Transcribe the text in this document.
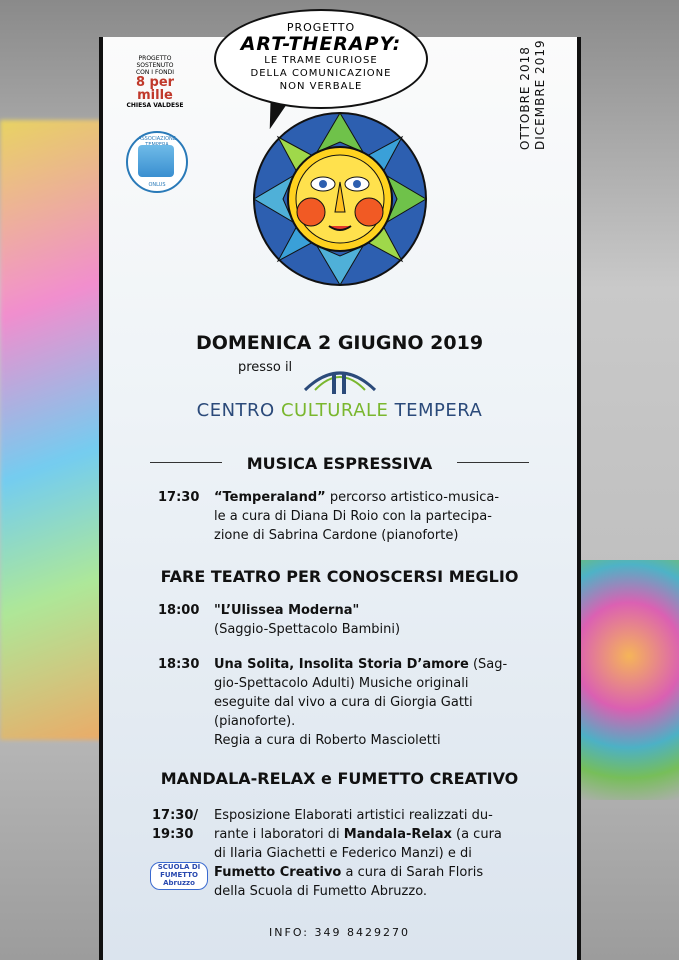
PROGETTO
ART-THERAPY:
LE TRAME CURIOSE
DELLA COMUNICAZIONE
NON VERBALE	OTTOBRE 2018 DICEMBRE 2019
PROGETTO
SOSTENUTO
CON I FONDI
8 per mille
CHIESA VALDESE
ASSOCIAZIONE
ONLUS
DOMENICA 2 GIUGNO 2019
presso il
CENTRO CULTURALE TEMPERA
MUSICA ESPRESSIVA
17:30 “Temperaland” percorso artistico-musica-
le a cura di Diana Di Roio con la partecipa-
zione di Sabrina Cardone (pianoforte)
FARE TEATRO PER CONOSCERSI MEGLIO
18:00 "L’Ulissea Moderna"
(Saggio-Spettacolo Bambini)
18:30 Una Solita, Insolita Storia D’amore (Sag-
gio-Spettacolo Adulti) Musiche originali
eseguite dal vivo a cura di Giorgia Gatti
(pianoforte).
Regia a cura di Roberto Mascioletti
MANDALA-RELAX e FUMETTO CREATIVO
17:30/
19:30
SCUOLA DI FUMETTO Abruzzo
Esposizione Elaborati artistici realizzati du-
rante i laboratori di Mandala-Relax (a cura
di Ilaria Giachetti e Federico Manzi) e di
Fumetto Creativo a cura di Sarah Floris
della Scuola di Fumetto Abruzzo.
INFO: 349 8429270
